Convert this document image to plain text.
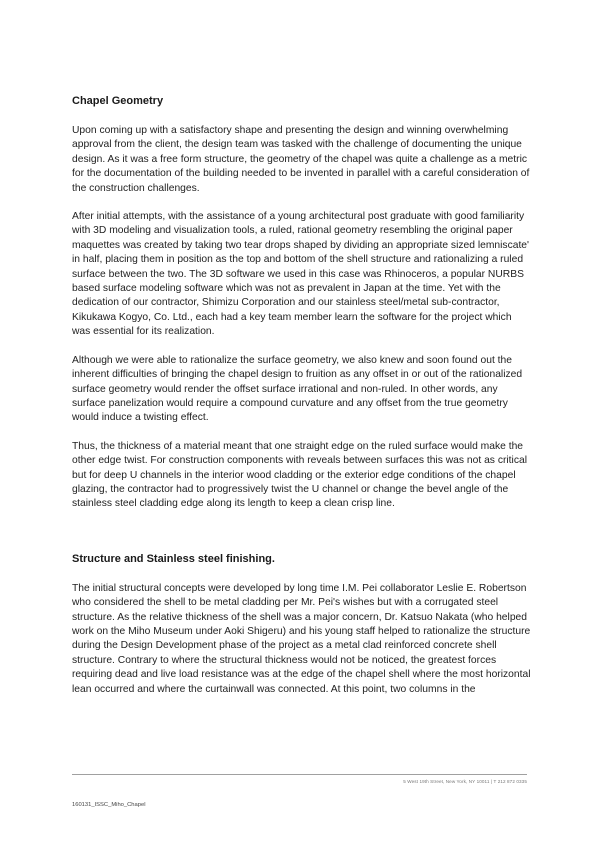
Chapel Geometry

Upon coming up with a satisfactory shape and presenting the design and winning overwhelming approval from the client, the design team was tasked with the challenge of documenting the unique design. As it was a free form structure, the geometry of the chapel was quite a challenge as a metric for the documentation of the building needed to be invented in parallel with a careful consideration of the construction challenges.

After initial attempts, with the assistance of a young architectural post graduate with good familiarity with 3D modeling and visualization tools, a ruled, rational geometry resembling the original paper maquettes was created by taking two tear drops shaped by dividing an appropriate sized lemniscate' in half, placing them in position as the top and bottom of the shell structure and rationalizing a ruled surface between the two. The 3D software we used in this case was Rhinoceros, a popular NURBS based surface modeling software which was not as prevalent in Japan at the time. Yet with the dedication of our contractor, Shimizu Corporation and our stainless steel/metal sub-contractor, Kikukawa Kogyo, Co. Ltd., each had a key team member learn the software for the project which was essential for its realization.

Although we were able to rationalize the surface geometry, we also knew and soon found out the inherent difficulties of bringing the chapel design to fruition as any offset in or out of the rationalized surface geometry would render the offset surface irrational and non-ruled. In other words, any surface panelization would require a compound curvature and any offset from the true geometry would induce a twisting effect.

Thus, the thickness of a material meant that one straight edge on the ruled surface would make the other edge twist. For construction components with reveals between surfaces this was not as critical but for deep U channels in the interior wood cladding or the exterior edge conditions of the chapel glazing, the contractor had to progressively twist the U channel or change the bevel angle of the stainless steel cladding edge along its length to keep a clean crisp line.

Structure and Stainless steel finishing.

The initial structural concepts were developed by long time I.M. Pei collaborator Leslie E. Robertson who considered the shell to be metal cladding per Mr. Pei's wishes but with a corrugated steel structure. As the relative thickness of the shell was a major concern, Dr. Katsuo Nakata (who helped work on the Miho Museum under Aoki Shigeru) and his young staff helped to rationalize the structure during the Design Development phase of the project as a metal clad reinforced concrete shell structure. Contrary to where the structural thickness would not be noticed, the greatest forces requiring dead and live load resistance was at the edge of the chapel shell where the most horizontal lean occurred and where the curtainwall was connected. At this point, two columns in the

5 West 19th Street, New York, NY 10011 | T 212 872 0335
160131_ISSC_Miho_Chapel
